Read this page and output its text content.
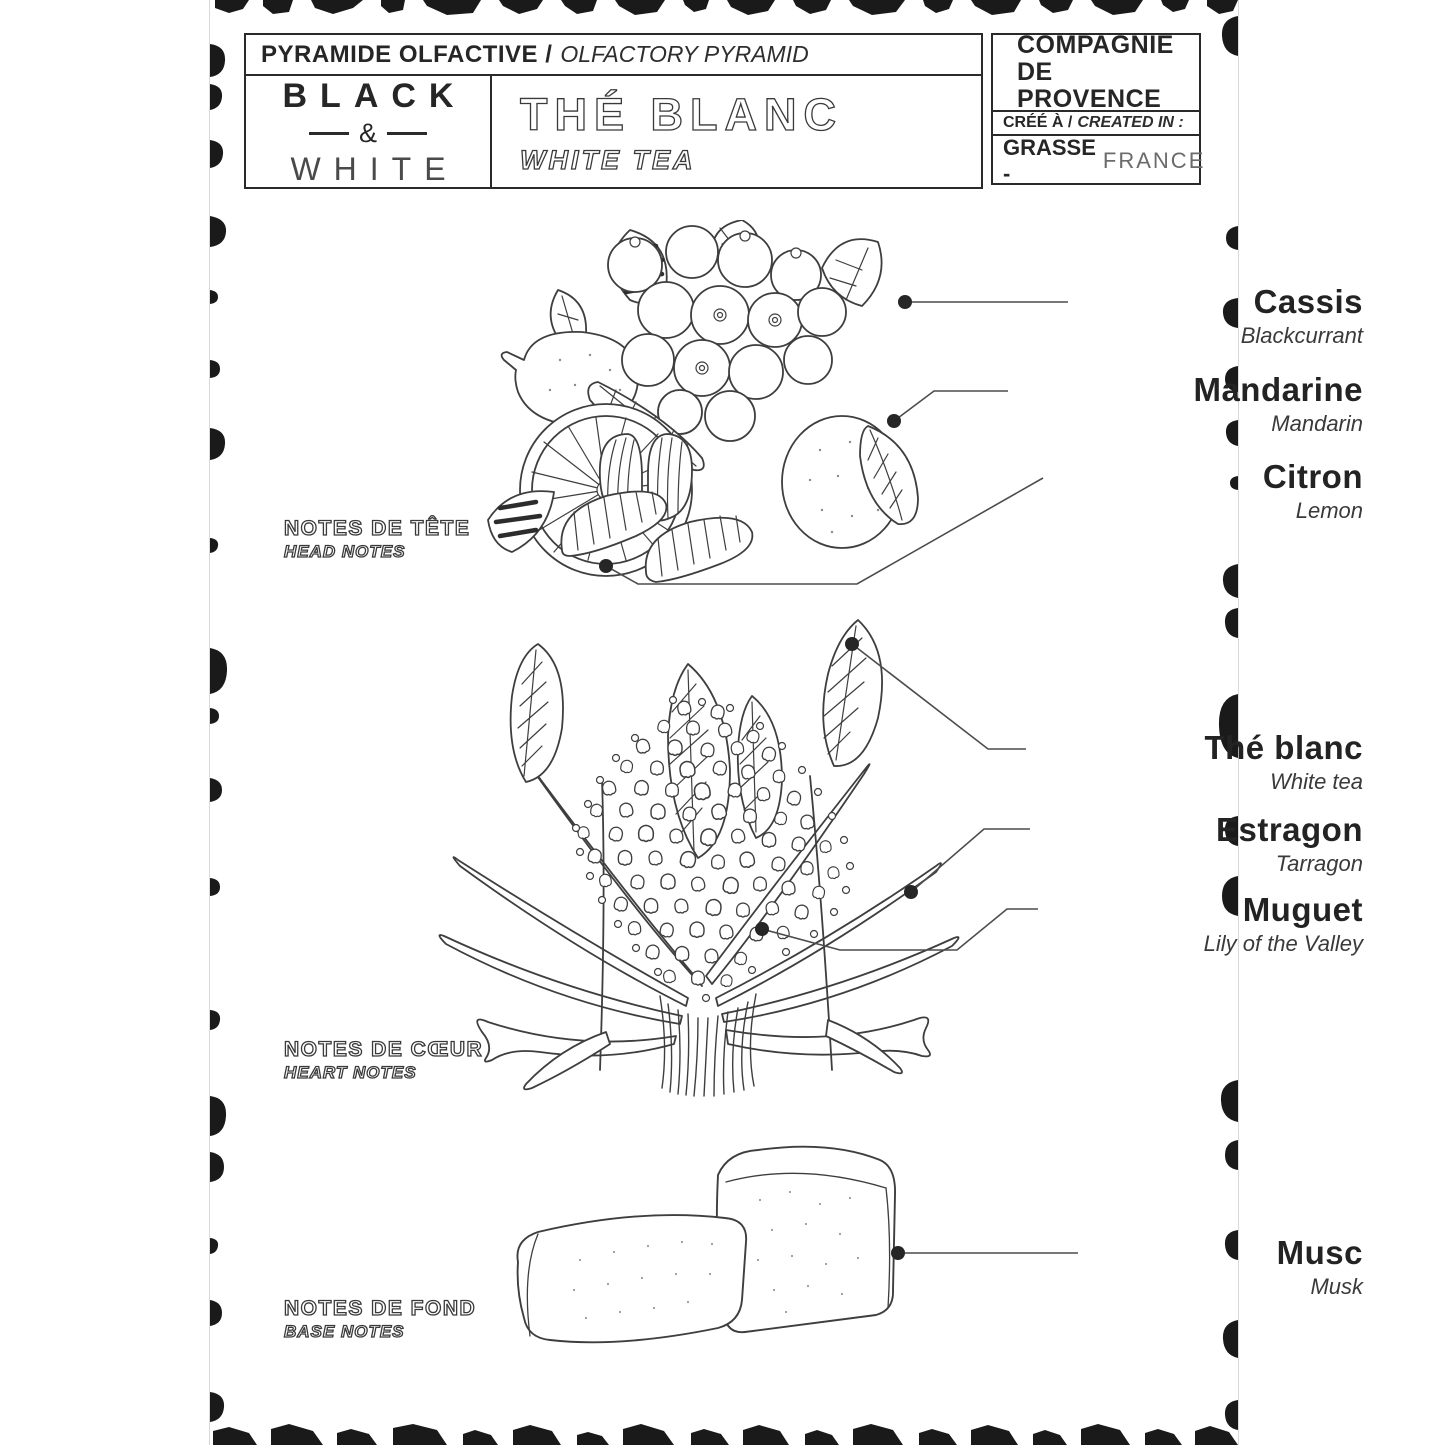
PYRAMIDE OLFACTIVE / OLFACTORY PYRAMID
BLACK
&
WHITE
THÉ BLANC
WHITE TEA
COMPAGNIE
DE PROVENCE
CRÉÉ À / CREATED IN :
GRASSE -
FRANCE
NOTES DE TÊTE
HEAD NOTES
NOTES DE CŒUR
HEART NOTES
NOTES DE FOND
BASE NOTES
Cassis
Blackcurrant
Mandarine
Mandarin
Citron
Lemon
Thé blanc
White tea
Estragon
Tarragon
Muguet
Lily of the Valley
Musc
Musk
